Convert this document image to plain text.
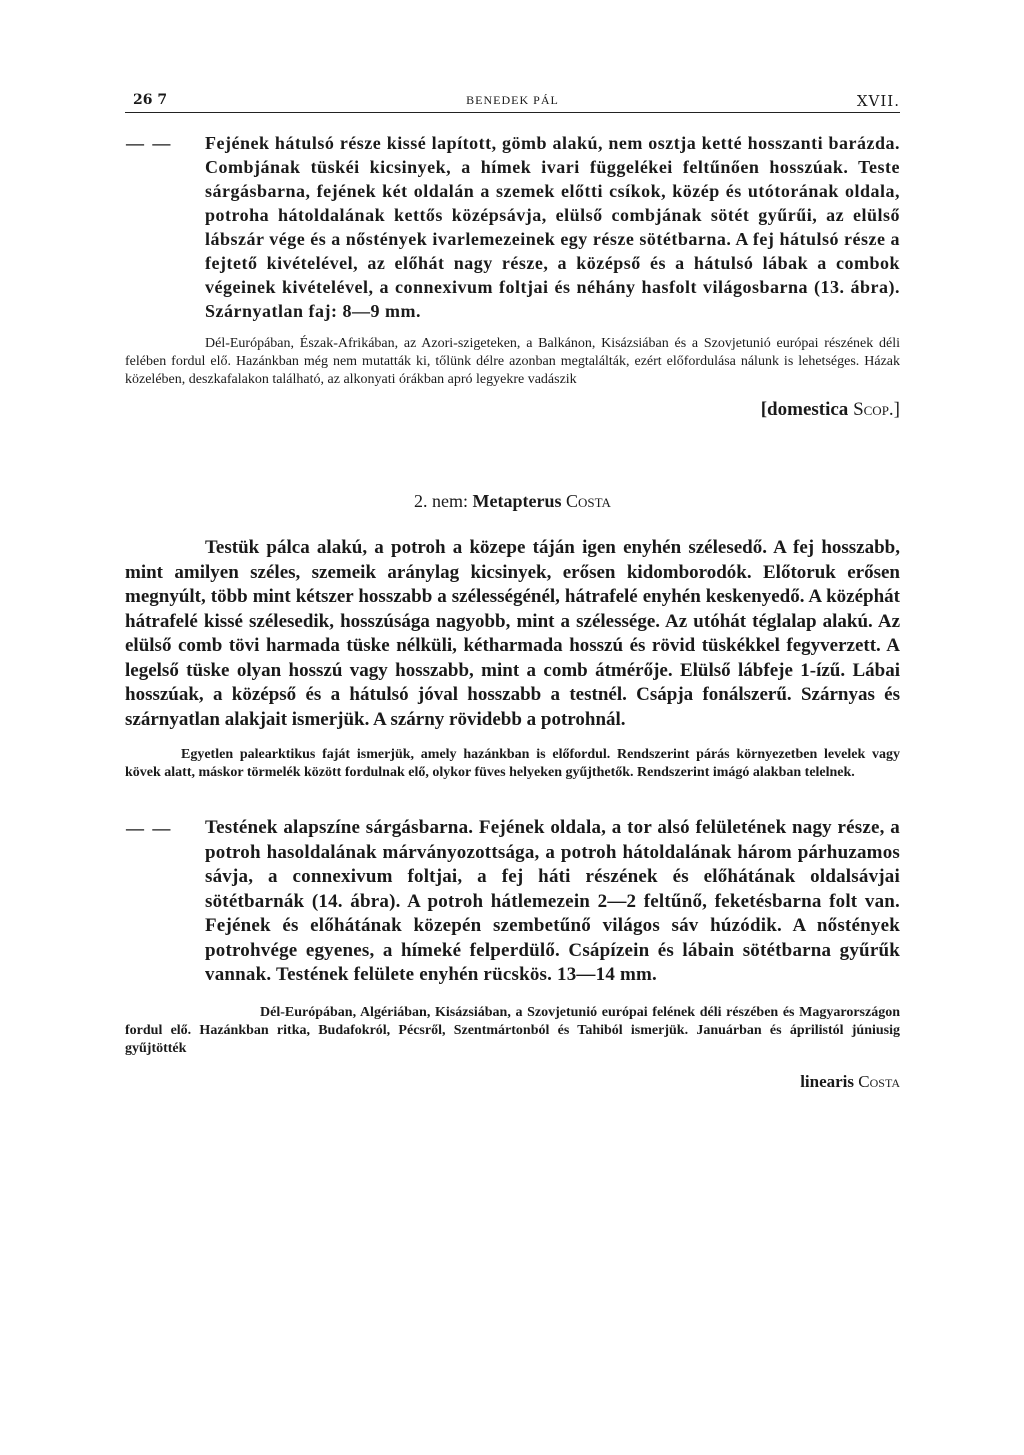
26 7	BENEDEK PÁL	XVII.
— —	Fejének hátulsó része kissé lapított, gömb alakú, nem osztja ketté hosszanti barázda. Combjának tüskéi kicsinyek, a hímek ivari függelékei feltűnően hosszúak. Teste sárgásbarna, fejének két oldalán a szemek előtti csíkok, közép és utótorának oldala, potroha hátoldalának kettős középsávja, elülső combjának sötét gyűrűi, az elülső lábszár vége és a nőstények ivarlemezeinek egy része sötétbarna. A fej hátulsó része a fejtető kivételével, az előhát nagy része, a középső és a hátulsó lábak a combok végeinek kivételével, a connexivum foltjai és néhány hasfolt világosbarna (13. ábra). Szárnyatlan faj: 8—9 mm.
Dél-Európában, Észak-Afrikában, az Azori-szigeteken, a Balkánon, Kisázsiában és a Szovjetunió európai részének déli felében fordul elő. Hazánkban még nem mutatták ki, tőlünk délre azonban megtalálták, ezért előfordulása nálunk is lehetséges. Házak közelében, deszkafalakon található, az alkonyati órákban apró legyekre vadászik
[domestica Scop.]
2. nem: Metapterus Costa
Testük pálca alakú, a potroh a közepe táján igen enyhén szélesedő. A fej hosszabb, mint amilyen széles, szemeik aránylag kicsinyek, erősen kidomborodók. Előtoruk erősen megnyúlt, több mint kétszer hosszabb a szélességénél, hátrafelé enyhén keskenyedő. A középhát hátrafelé kissé szélesedik, hosszúsága nagyobb, mint a szélessége. Az utóhát téglalap alakú. Az elülső comb tövi harmada tüske nélküli, kétharmada hosszú és rövid tüskékkel fegyverzett. A legelső tüske olyan hosszú vagy hosszabb, mint a comb átmérője. Elülső lábfeje 1-ízű. Lábai hosszúak, a középső és a hátulsó jóval hosszabb a testnél. Csápja fonálszerű. Szárnyas és szárnyatlan alakjait ismerjük. A szárny rövidebb a potrohnál.
Egyetlen palearktikus faját ismerjük, amely hazánkban is előfordul. Rendszerint párás környezetben levelek vagy kövek alatt, máskor törmelék között fordulnak elő, olykor füves helyeken gyűjthetők. Rendszerint imágó alakban telelnek.
— —	Testének alapszíne sárgásbarna. Fejének oldala, a tor alsó felületének nagy része, a potroh hasoldalának márványozottsága, a potroh hátoldalának három párhuzamos sávja, a connexivum foltjai, a fej háti részének és előhátának oldalsávjai sötétbarnák (14. ábra). A potroh hátlemezein 2—2 feltűnő, feketésbarna folt van. Fejének és előhátának közepén szembetűnő világos sáv húzódik. A nőstények potrohvége egyenes, a hímeké felperdülő. Csápízein és lábain sötétbarna gyűrűk vannak. Testének felülete enyhén rücskös. 13—14 mm.
Dél-Európában, Algériában, Kisázsiában, a Szovjetunió európai felének déli részében és Magyarországon fordul elő. Hazánkban ritka, Budafokról, Pécsről, Szentmártonból és Tahiból ismerjük. Januárban és áprilistól júniusig gyűjtötték
linearis Costa
